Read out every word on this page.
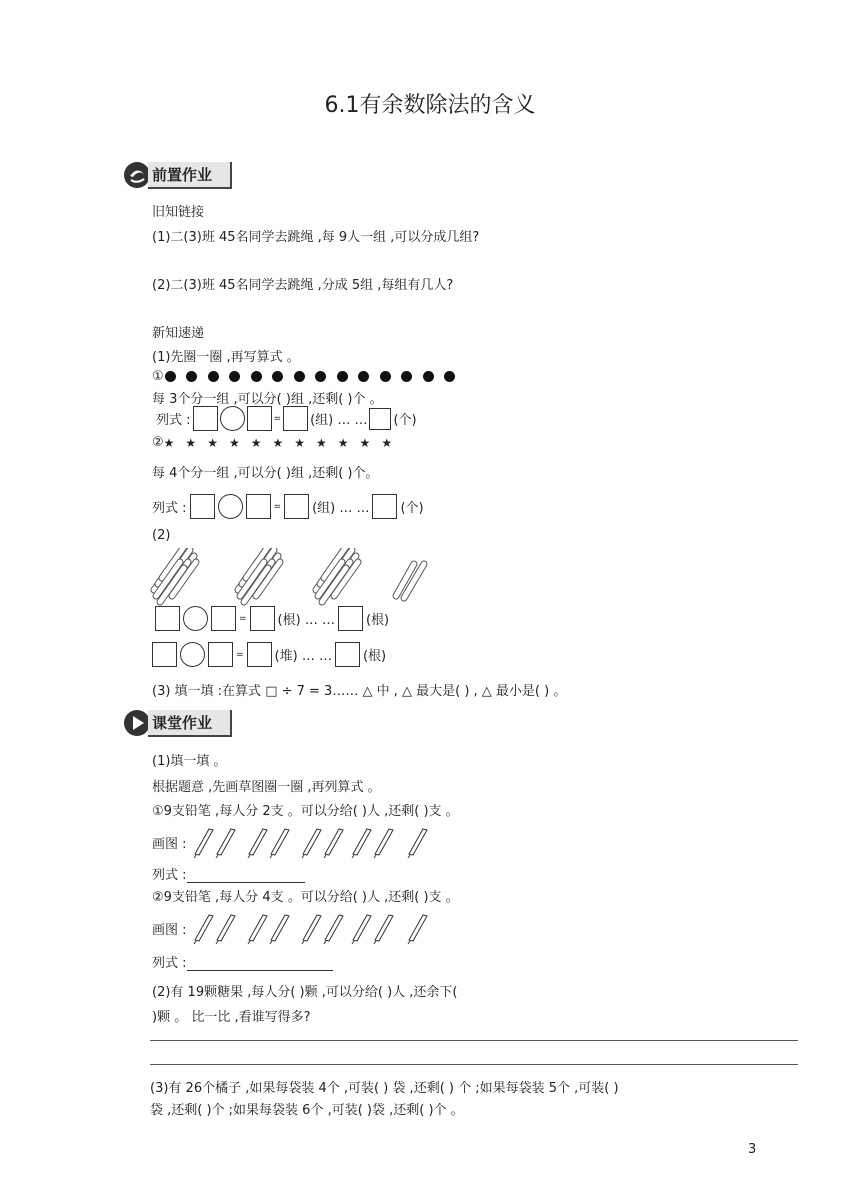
6.1有余数除法的含义
前置作业
旧知链接
(1)二(3)班 45名同学去跳绳 ,每 9人一组 ,可以分成几组?
(2)二(3)班 45名同学去跳绳 ,分成 5组 ,每组有几人?
新知速递
(1)先圈一圈 ,再写算式 。
①
每 3个分一组 ,可以分( )组 ,还剩( )个 。
列式 :	= (组) … … (个)
② ★ ★ ★ ★ ★ ★ ★ ★ ★ ★ ★
每 4个分一组 ,可以分( )组 ,还剩( )个。
列式 :	= (组) … … (个)
(2)
= (根) … … (根)
= (堆) … … (根)
(3) 填一填 :在算式 □ ÷ 7 = 3…… △ 中 , △ 最大是( ) , △ 最小是( ) 。
课堂作业
(1)填一填 。
根据题意 ,先画草图圈一圈 ,再列算式 。
①9支铅笔 ,每人分 2支 。可以分给( )人 ,还剩( )支 。
画图 :
列式 :
②9支铅笔 ,每人分 4支 。可以分给( )人 ,还剩( )支 。
画图 :
列式 :
(2)有 19颗糖果 ,每人分( )颗 ,可以分给( )人 ,还余下(
)颗 。 比一比 ,看谁写得多?
(3)有 26个橘子 ,如果每袋装 4个 ,可装( ) 袋 ,还剩( ) 个 ;如果每袋装 5个 ,可装( )
袋 ,还剩( )个 ;如果每袋装 6个 ,可装( )袋 ,还剩( )个 。
3
